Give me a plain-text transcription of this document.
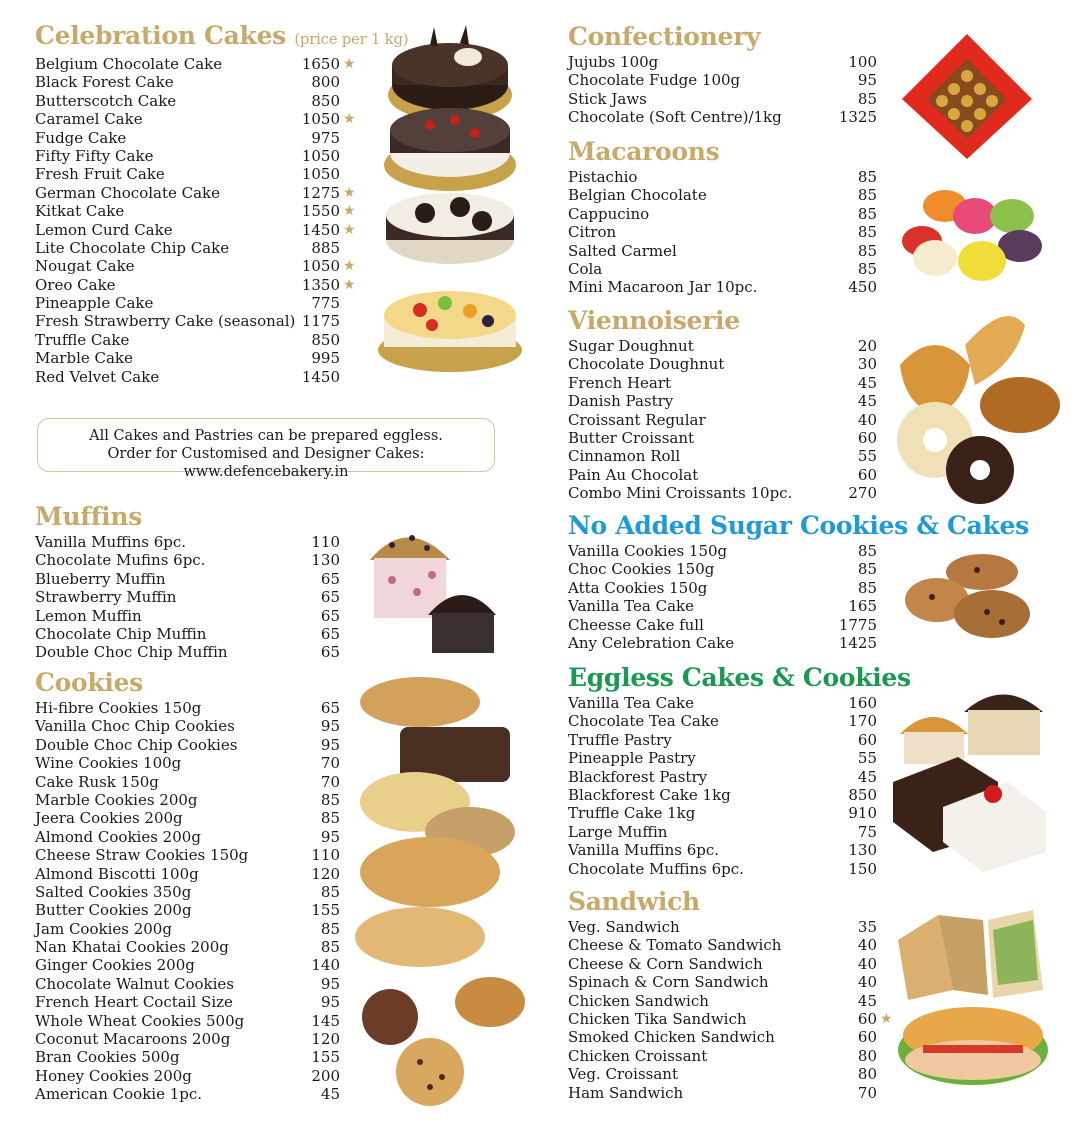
Celebration Cakes (price per 1 kg)
Belgium Chocolate Cake	1650 ★
Black Forest Cake	800
Butterscotch Cake	850
Caramel Cake	1050 ★
Fudge Cake	975
Fifty Fifty Cake	1050
Fresh Fruit Cake	1050
German Chocolate Cake	1275 ★
Kitkat Cake	1550 ★
Lemon Curd Cake	1450 ★
Lite Chocolate Chip Cake	885
Nougat Cake	1050 ★
Oreo Cake	1350 ★
Pineapple Cake	775
Fresh Strawberry Cake (seasonal) 1175
Truffle Cake	850
Marble Cake	995
Red Velvet Cake	1450
All Cakes and Pastries can be prepared eggless.
Order for Customised and Designer Cakes: www.defencebakery.in
Muffins
Vanilla Muffins 6pc.	110
Chocolate Mufins 6pc.	130
Blueberry Muffin	65
Strawberry Muffin	65
Lemon Muffin	65
Chocolate Chip Muffin	65
Double Choc Chip Muffin	65
Cookies
Hi-fibre Cookies 150g	65
Vanilla Choc Chip Cookies	95
Double Choc Chip Cookies	95
Wine Cookies 100g	70
Cake Rusk 150g	70
Marble Cookies 200g	85
Jeera Cookies 200g	85
Almond Cookies 200g	95
Cheese Straw Cookies 150g	110
Almond Biscotti 100g	120
Salted Cookies 350g	85
Butter Cookies 200g	155
Jam Cookies 200g	85
Nan Khatai Cookies 200g	85
Ginger Cookies 200g	140
Chocolate Walnut Cookies	95
French Heart Coctail Size	95
Whole Wheat Cookies 500g	145
Coconut Macaroons 200g	120
Bran Cookies 500g	155
Honey Cookies 200g	200
American Cookie 1pc.	45
Confectionery
Jujubs 100g	100
Chocolate Fudge 100g	95
Stick Jaws	85
Chocolate (Soft Centre)/1kg	1325
Macaroons
Pistachio	85
Belgian Chocolate	85
Cappucino	85
Citron	85
Salted Carmel	85
Cola	85
Mini Macaroon Jar 10pc.	450
Viennoiserie
Sugar Doughnut	20
Chocolate Doughnut	30
French Heart	45
Danish Pastry	45
Croissant Regular	40
Butter Croissant	60
Cinnamon Roll	55
Pain Au Chocolat	60
Combo Mini Croissants 10pc.	270
No Added Sugar Cookies & Cakes
Vanilla Cookies 150g	85
Choc Cookies 150g	85
Atta Cookies 150g	85
Vanilla Tea Cake	165
Cheesse Cake full	1775
Any Celebration Cake	1425
Eggless Cakes & Cookies
Vanilla Tea Cake	160
Chocolate Tea Cake	170
Truffle Pastry	60
Pineapple Pastry	55
Blackforest Pastry	45
Blackforest Cake 1kg	850
Truffle Cake 1kg	910
Large Muffin	75
Vanilla Muffins 6pc.	130
Chocolate Muffins 6pc.	150
Sandwich
Veg. Sandwich	35
Cheese & Tomato Sandwich	40
Cheese & Corn Sandwich	40
Spinach & Corn Sandwich	40
Chicken Sandwich	45
Chicken Tika Sandwich	60 ★
Smoked Chicken Sandwich	60
Chicken Croissant	80
Veg. Croissant	80
Ham Sandwich	70
